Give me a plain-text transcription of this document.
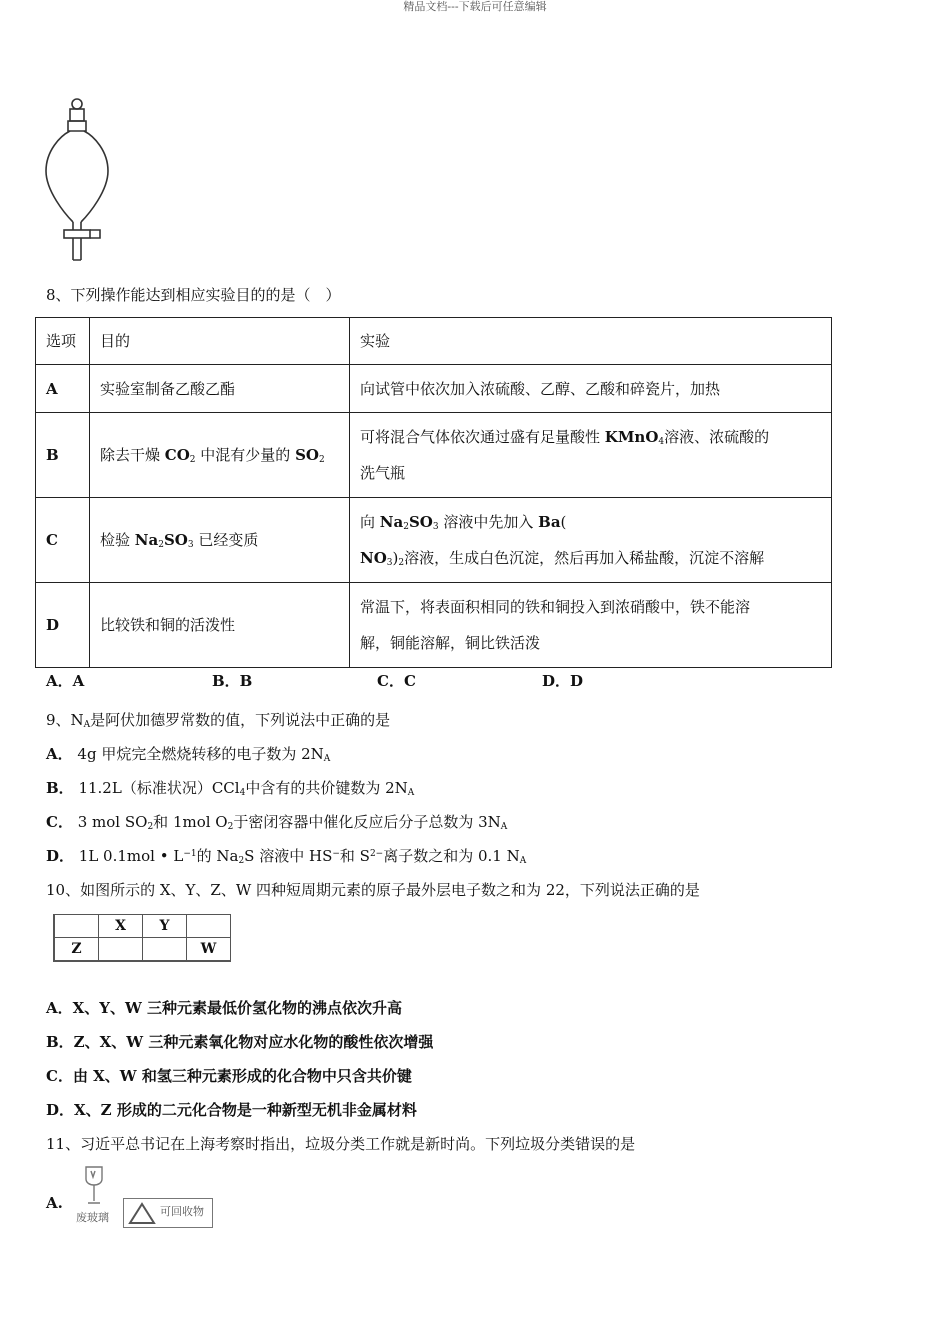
精品文档---下载后可任意编辑
8、下列操作能达到相应实验目的的是（　）
选项	目的	实验
A	实验室制备乙酸乙酯	向试管中依次加入浓硫酸、乙醇、乙酸和碎瓷片，加热
B	除去干燥 $CO_2$ 中混有少量的 $SO_2$	可将混合气体依次通过盛有足量酸性 KMnO$_4$溶液、浓硫酸的
洗气瓶
C	检验 $Na_2SO_3$ 已经变质	向 $Na_2SO_3$ 溶液中先加入 Ba(
$NO_3)_2$溶液，生成白色沉淀，然后再加入稀盐酸，沉淀不溶解
D	比较铁和铜的活泼性	常温下，将表面积相同的铁和铜投入到浓硝酸中，铁不能溶
解，铜能溶解，铜比铁活泼
A．A	B．B	C．C	D．D
9、$N_A$是阿伏加德罗常数的值，下列说法中正确的是
A． 4g 甲烷完全燃烧转移的电子数为 $2N_A$
B． 11.2L（标准状况）CCl$_4$中含有的共价键数为 $2N_A$
C． 3 mol $SO_2$和 1mol $O_2$于密闭容器中催化反应后分子总数为 $3N_A$
D． 1L 0.1mol • $L^{-1}$的 $Na_2S$ 溶液中 HS−和 $S^{2-}$离子数之和为 0.1 $N_A$
10、如图所示的 X、Y、Z、W 四种短周期元素的原子最外层电子数之和为 22，下列说法正确的是
	X	Y	
Z			W
A．X、Y、W 三种元素最低价氢化物的沸点依次升高
B．Z、X、W 三种元素氧化物对应水化物的酸性依次增强
C．由 X、W 和氢三种元素形成的化合物中只含共价键
D．X、Z 形成的二元化合物是一种新型无机非金属材料
11、习近平总书记在上海考察时指出，垃圾分类工作就是新时尚。下列垃圾分类错误的是
A.
废玻璃	可回收物
